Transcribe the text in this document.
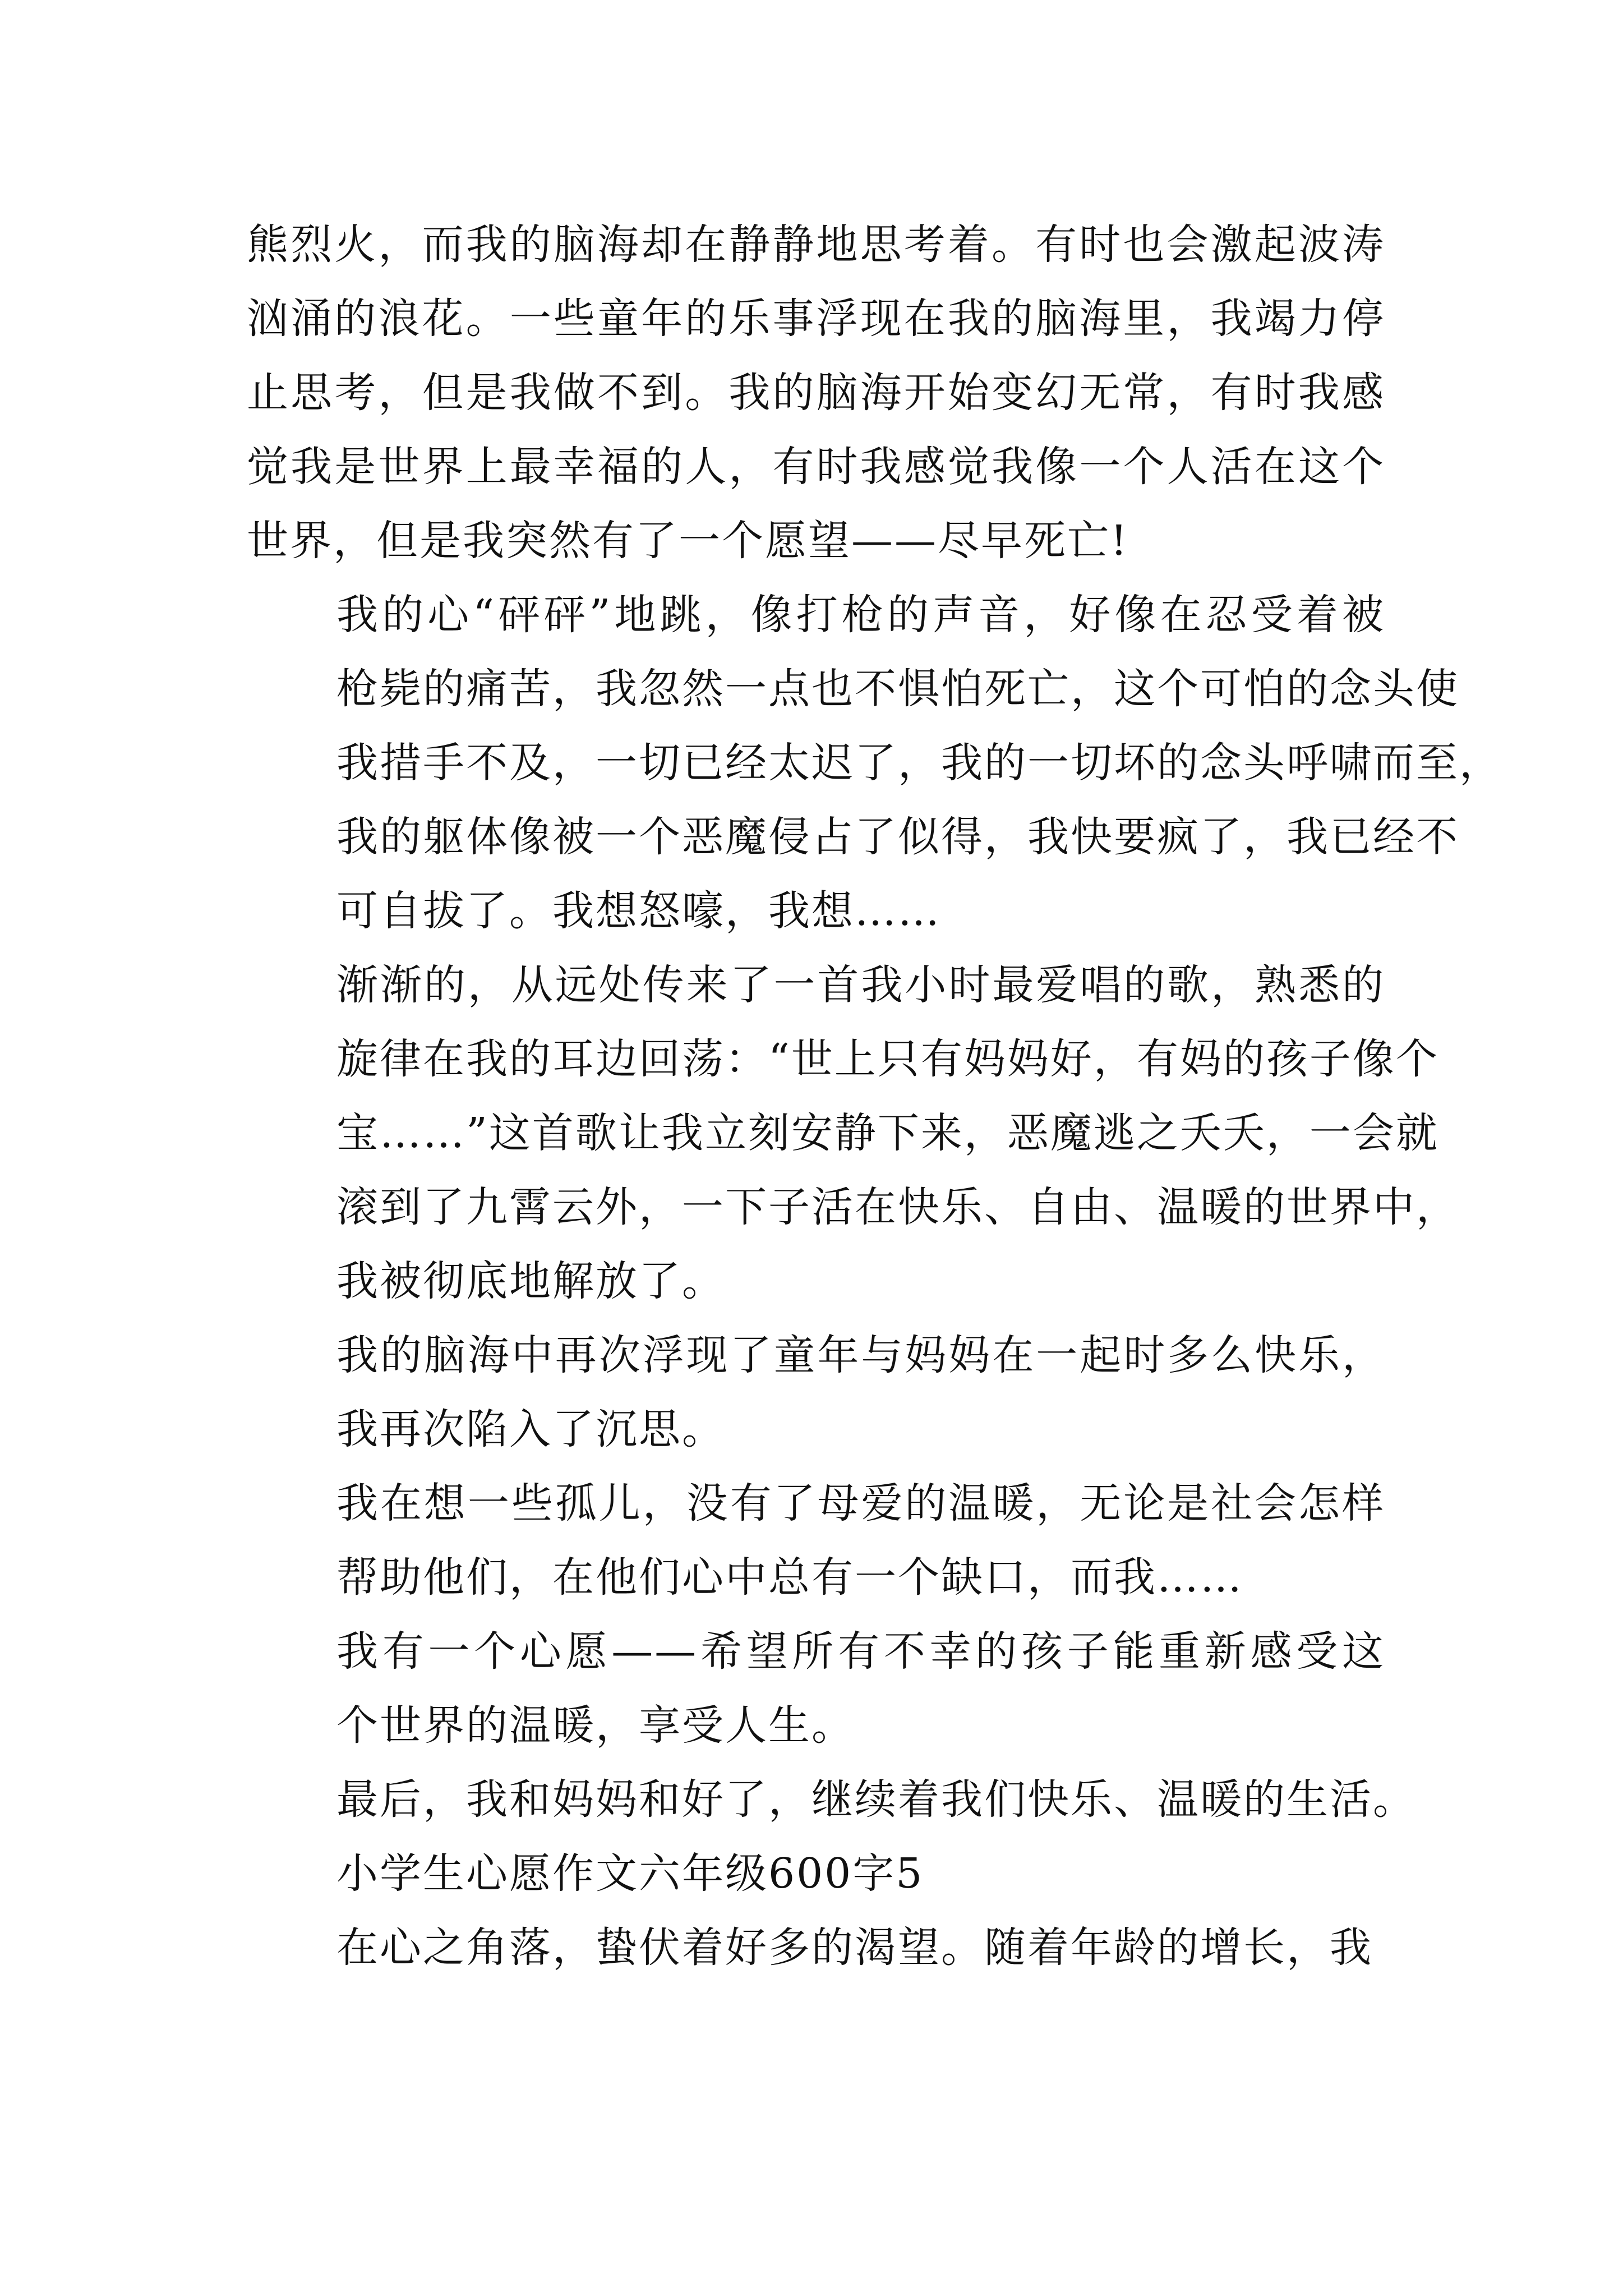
熊烈火，而我的脑海却在静静地思考着。有时也会激起波涛
汹涌的浪花。一些童年的乐事浮现在我的脑海里，我竭力停
止思考，但是我做不到。我的脑海开始变幻无常，有时我感
觉我是世界上最幸福的人，有时我感觉我像一个人活在这个
世界，但是我突然有了一个愿望——尽早死亡!
我的心“砰砰”地跳，像打枪的声音，好像在忍受着被
枪毙的痛苦，我忽然一点也不惧怕死亡，这个可怕的念头使
我措手不及，一切已经太迟了，我的一切坏的念头呼啸而至，
我的躯体像被一个恶魔侵占了似得，我快要疯了，我已经不
可自拔了。我想怒嚎，我想……
渐渐的，从远处传来了一首我小时最爱唱的歌，熟悉的
旋律在我的耳边回荡：“世上只有妈妈好，有妈的孩子像个
宝……”这首歌让我立刻安静下来，恶魔逃之夭夭，一会就
滚到了九霄云外，一下子活在快乐、自由、温暖的世界中，
我被彻底地解放了。
我的脑海中再次浮现了童年与妈妈在一起时多么快乐，
我再次陷入了沉思。
我在想一些孤儿，没有了母爱的温暖，无论是社会怎样
帮助他们，在他们心中总有一个缺口，而我……
我有一个心愿——希望所有不幸的孩子能重新感受这
个世界的温暖，享受人生。
最后，我和妈妈和好了，继续着我们快乐、温暖的生活。
小学生心愿作文六年级600字5
在心之角落，蛰伏着好多的渴望。随着年龄的增长，我
